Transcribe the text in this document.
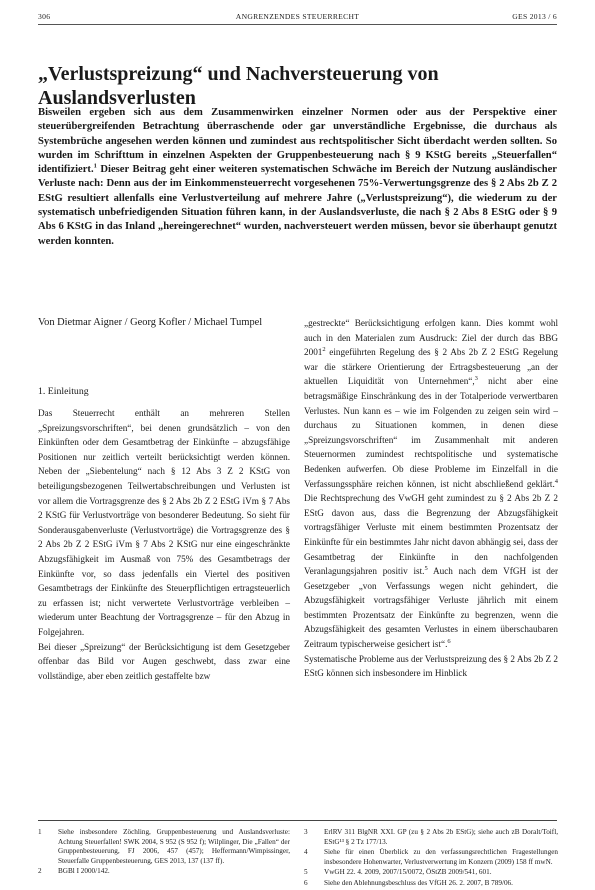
306	ANGRENZENDES STEUERRECHT	GES 2013 / 6
„Verlustspreizung“ und Nachversteuerung von Auslandsverlusten

Bisweilen ergeben sich aus dem Zusammenwirken einzelner Normen oder aus der Perspektive einer steuerübergreifenden Betrachtung überraschende oder gar unverständliche Ergebnisse, die durchaus als Systembrüche angesehen werden können und zumindest aus rechtspolitischer Sicht überdacht werden sollten. So wurden im Schrifttum in einzelnen Aspekten der Gruppenbesteuerung nach § 9 KStG bereits „Steuerfallen“ identifiziert.$^1$ Dieser Beitrag geht einer weiteren systematischen Schwäche im Bereich der Nutzung ausländischer Verluste nach: Denn aus der im Einkommensteuerrecht vorgesehenen 75%-Verwertungsgrenze des § 2 Abs 2b Z 2 EStG resultiert allenfalls eine Verlustverteilung auf mehrere Jahre („Verlustspreizung“), die wiederum zu der systematisch unbefriedigenden Situation führen kann, in der Auslandsverluste, die nach § 2 Abs 8 EStG oder § 9 Abs 6 KStG in das Inland „hereingerechnet“ wurden, nachversteuert werden müssen, bevor sie überhaupt genutzt werden konnten.

Von Dietmar Aigner / Georg Kofler / Michael Tumpel
1. Einleitung

Das Steuerrecht enthält an mehreren Stellen „Spreizungsvorschriften“, bei denen grundsätzlich – von den Einkünften oder dem Gesamtbetrag der Einkünfte – abzugsfähige Positionen nur zeitlich verteilt berücksichtigt werden können. Neben der „Siebentelung“ nach § 12 Abs 3 Z 2 KStG von beteiligungsbezogenen Teilwertabschreibungen und Verlusten ist vor allem die Vortragsgrenze des § 2 Abs 2b Z 2 EStG iVm § 7 Abs 2 KStG für Verlustvorträge von besonderer Bedeutung. So sieht für Sonderausgabenverluste (Verlustvorträge) die Vortragsgrenze des § 2 Abs 2b Z 2 EStG iVm § 7 Abs 2 KStG nur eine eingeschränkte Abzugsfähigkeit im Ausmaß von 75% des Gesamtbetrags der Einkünfte vor, so dass jedenfalls ein Viertel des positiven Gesamtbetrags der Einkünfte des Steuerpflichtigen ertragsteuerlich zu erfassen ist; nicht verwertete Verlustvorträge verbleiben – wiederum unter Beachtung der Vortragsgrenze – für den Abzug in Folgejahren.

Bei dieser „Spreizung“ der Berücksichtigung ist dem Gesetzgeber offenbar das Bild vor Augen geschwebt, dass zwar eine vollständige, aber eben zeitlich gestaffelte bzw

„gestreckte“ Berücksichtigung erfolgen kann. Dies kommt wohl auch in den Materialen zum Ausdruck: Ziel der durch das BBG 2001$^2$ eingeführten Regelung des § 2 Abs 2b Z 2 EStG Regelung war die stärkere Orientierung der Ertragsbesteuerung „an der aktuellen Liquidität von Unternehmen“,$^3$ nicht aber eine betragsmäßige Einschränkung des in der Totalperiode verwertbaren Verlustes. Nun kann es – wie im Folgenden zu zeigen sein wird – durchaus zu Situationen kommen, in denen diese „Spreizungsvorschriften“ im Zusammenhalt mit anderen Steuernormen zumindest rechtspolitische und systematische Bedenken aufwerfen. Ob diese Probleme im Einzelfall in die Verfassungssphäre reichen können, ist nicht abschließend geklärt.$^4$ Die Rechtsprechung des VwGH geht zumindest zu § 2 Abs 2b Z 2 EStG davon aus, dass die Begrenzung der Abzugsfähigkeit vortragsfähiger Verluste mit einem bestimmten Prozentsatz der Einkünfte für ein bestimmtes Jahr nicht davon abhängig sei, dass der Gesamtbetrag der Einkünfte in den nachfolgenden Veranlagungsjahren positiv ist.$^5$ Auch nach dem VfGH ist der Gesetzgeber „von Verfassungs wegen nicht gehindert, die Abzugsfähigkeit vortragsfähiger Verluste jährlich mit einem bestimmten Prozentsatz der Einkünfte zu begrenzen, wenn die Abzugsfähigkeit des gesamten Verlustes in einem überschaubaren Zeitraum typischerweise gesichert ist“.$^6$

Systematische Probleme aus der Verlustspreizung des § 2 Abs 2b Z 2 EStG können sich insbesondere im Hinblick

1	Siehe insbesondere Zöchling, Gruppenbesteuerung und Auslandsverluste: Achtung Steuerfallen! SWK 2004, S 952 (S 952 f); Wilplinger, Die „Fallen“ der Gruppenbesteuerung, FJ 2006, 457 (457); Heffermann/Wimpissinger, Steuerfalle Gruppenbesteuerung, GES 2013, 137 (137 ff).
2	BGBl I 2000/142.
3	ErlRV 311 BlgNR XXI. GP (zu § 2 Abs 2b EStG); siehe auch zB Doralt/Toifl, EStG¹³ § 2 Tz 177/13.
4	Siehe für einen Überblick zu den verfassungsrechtlichen Fragestellungen insbesondere Hohenwarter, Verlustverwertung im Konzern (2009) 158 ff mwN.
5	VwGH 22. 4. 2009, 2007/15/0072, ÖStZB 2009/541, 601.
6	Siehe den Ablehnungsbeschluss des VfGH 26. 2. 2007, B 789/06.
